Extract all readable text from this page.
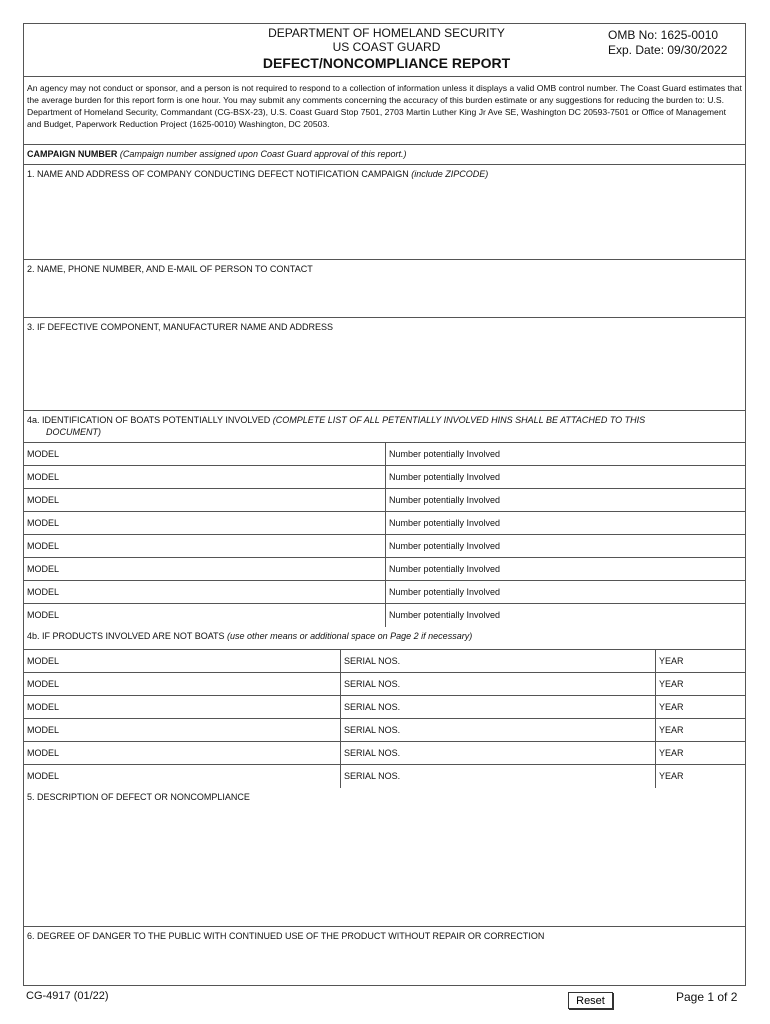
DEPARTMENT OF HOMELAND SECURITY
US COAST GUARD
DEFECT/NONCOMPLIANCE REPORT
OMB No: 1625-0010
Exp. Date: 09/30/2022
An agency may not conduct or sponsor, and a person is not required to respond to a collection of information unless it displays a valid OMB control number. The Coast Guard estimates that the average burden for this report form is one hour. You may submit any comments concerning the accuracy of this burden estimate or any suggestions for reducing the burden to: U.S. Department of Homeland Security, Commandant (CG-BSX-23), U.S. Coast Guard Stop 7501, 2703 Martin Luther King Jr Ave SE, Washington DC 20593-7501 or Office of Management and Budget, Paperwork Reduction Project (1625-0010) Washington, DC 20503.
CAMPAIGN NUMBER (Campaign number assigned upon Coast Guard approval of this report.)
1. NAME AND ADDRESS OF COMPANY CONDUCTING DEFECT NOTIFICATION CAMPAIGN (include ZIPCODE)
2. NAME, PHONE NUMBER, AND E-MAIL OF PERSON TO CONTACT
3. IF DEFECTIVE COMPONENT, MANUFACTURER NAME AND ADDRESS
4a. IDENTIFICATION OF BOATS POTENTIALLY INVOLVED (COMPLETE LIST OF ALL PETENTIALLY INVOLVED HINS SHALL BE ATTACHED TO THIS
DOCUMENT)
MODEL	Number potentially Involved
MODEL	Number potentially Involved
MODEL	Number potentially Involved
MODEL	Number potentially Involved
MODEL	Number potentially Involved
MODEL	Number potentially Involved
MODEL	Number potentially Involved
MODEL	Number potentially Involved
4b. IF PRODUCTS INVOLVED ARE NOT BOATS (use other means or additional space on Page 2 if necessary)
MODEL	SERIAL NOS.	YEAR
MODEL	SERIAL NOS.	YEAR
MODEL	SERIAL NOS.	YEAR
MODEL	SERIAL NOS.	YEAR
MODEL	SERIAL NOS.	YEAR
MODEL	SERIAL NOS.	YEAR
5. DESCRIPTION OF DEFECT OR NONCOMPLIANCE
6. DEGREE OF DANGER TO THE PUBLIC WITH CONTINUED USE OF THE PRODUCT WITHOUT REPAIR OR CORRECTION
CG-4917 (01/22)	Reset	Page 1 of 2
